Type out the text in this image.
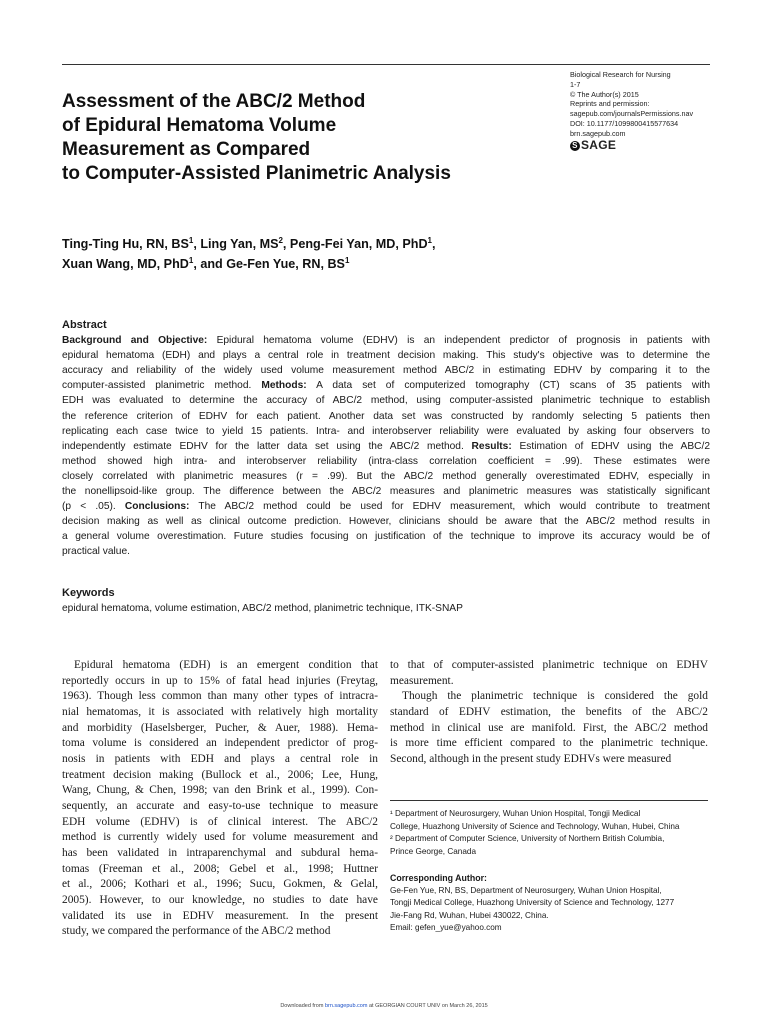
Assessment of the ABC/2 Method
of Epidural Hematoma Volume
Measurement as Compared
to Computer-Assisted Planimetric Analysis
Biological Research for Nursing
1-7
© The Author(s) 2015
Reprints and permission:
sagepub.com/journalsPermissions.nav
DOI: 10.1177/1099800415577634
brn.sagepub.com
S SAGE
Ting-Ting Hu, RN, $BS^1$, Ling Yan, $MS^2$, Peng-Fei Yan, MD, PhD$^1$,
Xuan Wang, MD, PhD$^1$, and Ge-Fen Yue, RN, $BS^1$
Abstract
Background and Objective: Epidural hematoma volume (EDHV) is an independent predictor of prognosis in patients with
epidural hematoma (EDH) and plays a central role in treatment decision making. This study's objective was to determine the
accuracy and reliability of the widely used volume measurement method ABC/2 in estimating EDHV by comparing it to the
computer-assisted planimetric method. Methods: A data set of computerized tomography (CT) scans of 35 patients with
EDH was evaluated to determine the accuracy of ABC/2 method, using computer-assisted planimetric technique to establish
the reference criterion of EDHV for each patient. Another data set was constructed by randomly selecting 5 patients then
replicating each case twice to yield 15 patients. Intra- and interobserver reliability were evaluated by asking four observers to
independently estimate EDHV for the latter data set using the ABC/2 method. Results: Estimation of EDHV using the ABC/2
method showed high intra- and interobserver reliability (intra-class correlation coefficient = .99). These estimates were
closely correlated with planimetric measures (r = .99). But the ABC/2 method generally overestimated EDHV, especially in
the nonellipsoid-like group. The difference between the ABC/2 measures and planimetric measures was statistically significant
(p < .05). Conclusions: The ABC/2 method could be used for EDHV measurement, which would contribute to treatment
decision making as well as clinical outcome prediction. However, clinicians should be aware that the ABC/2 method results in
a general volume overestimation. Future studies focusing on justification of the technique to improve its accuracy would be of
practical value.
Keywords
epidural hematoma, volume estimation, ABC/2 method, planimetric technique, ITK-SNAP
Epidural hematoma (EDH) is an emergent condition that
reportedly occurs in up to 15% of fatal head injuries (Freytag,
1963). Though less common than many other types of intracra-
nial hematomas, it is associated with relatively high mortality
and morbidity (Haselsberger, Pucher, & Auer, 1988). Hema-
toma volume is considered an independent predictor of prog-
nosis in patients with EDH and plays a central role in
treatment decision making (Bullock et al., 2006; Lee, Hung,
Wang, Chung, & Chen, 1998; van den Brink et al., 1999). Con-
sequently, an accurate and easy-to-use technique to measure
EDH volume (EDHV) is of clinical interest. The ABC/2
method is currently widely used for volume measurement and
has been validated in intraparenchymal and subdural hema-
tomas (Freeman et al., 2008; Gebel et al., 1998; Huttner
et al., 2006; Kothari et al., 1996; Sucu, Gokmen, & Gelal,
2005). However, to our knowledge, no studies to date have
validated its use in EDHV measurement. In the present
study, we compared the performance of the ABC/2 method
to that of computer-assisted planimetric technique on EDHV
measurement.
Though the planimetric technique is considered the gold
standard of EDHV estimation, the benefits of the ABC/2
method in clinical use are manifold. First, the ABC/2 method
is more time efficient compared to the planimetric technique.
Second, although in the present study EDHVs were measured
¹ Department of Neurosurgery, Wuhan Union Hospital, Tongji Medical
College, Huazhong University of Science and Technology, Wuhan, Hubei, China
² Department of Computer Science, University of Northern British Columbia,
Prince George, Canada
Corresponding Author:
Ge-Fen Yue, RN, BS, Department of Neurosurgery, Wuhan Union Hospital,
Tongji Medical College, Huazhong University of Science and Technology, 1277
Jie-Fang Rd, Wuhan, Hubei 430022, China.
Email: gefen_yue@yahoo.com
Downloaded from brn.sagepub.com at GEORGIAN COURT UNIV on March 26, 2015
